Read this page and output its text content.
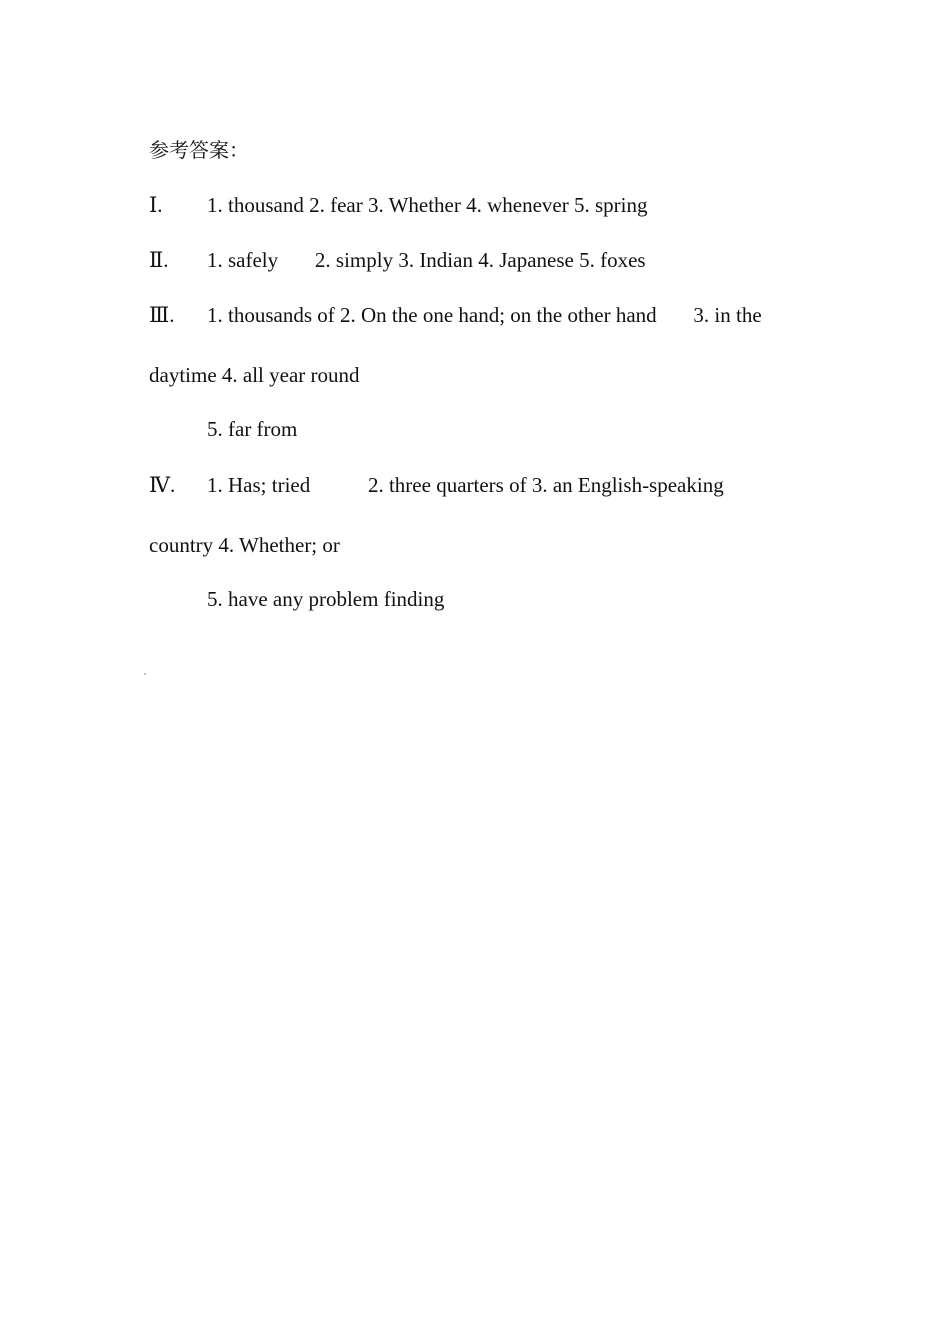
参考答案：

Ⅰ.

1. thousand 2. fear 3. Whether 4. whenever 5. spring

Ⅱ.

1. safely       2. simply 3. Indian 4. Japanese 5. foxes

Ⅲ.

1. thousands of 2. On the one hand; on the other hand       3. in the

daytime 4. all year round
5. far from

Ⅳ.

1. Has; tried           2. three quarters of 3. an English-speaking

country 4. Whether; or
5. have any problem finding
